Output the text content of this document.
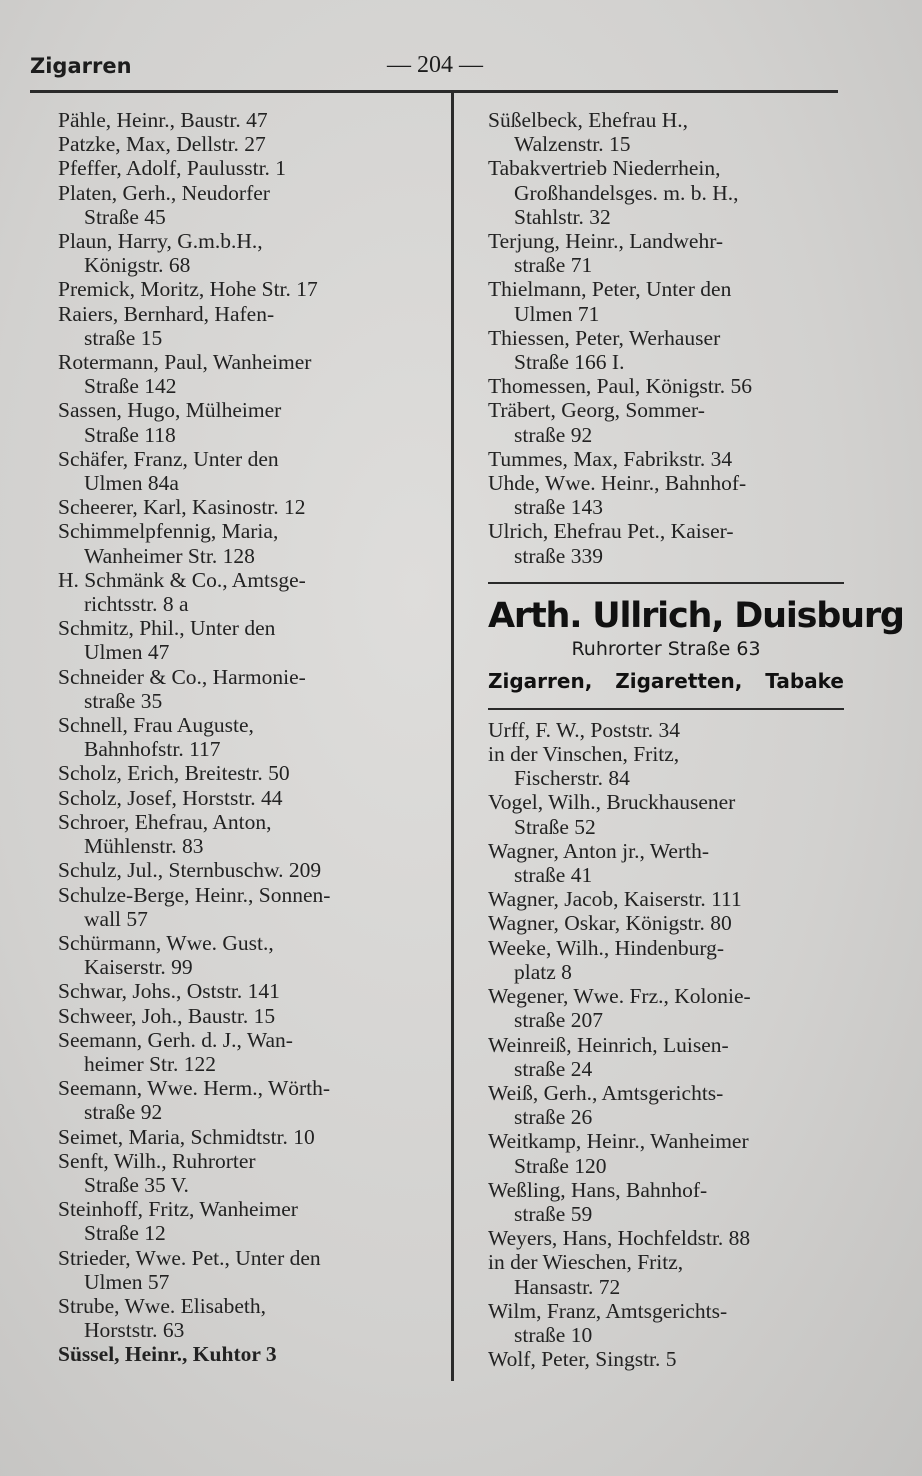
Zigarren	— 204 —
Pähle, Heinr., Baustr. 47
Patzke, Max, Dellstr. 27
Pfeffer, Adolf, Paulusstr. 1
Platen, Gerh., Neudorfer
Straße 45
Plaun, Harry, G.m.b.H.,
Königstr. 68
Premick, Moritz, Hohe Str. 17
Raiers, Bernhard, Hafen-
straße 15
Rotermann, Paul, Wanheimer
Straße 142
Sassen, Hugo, Mülheimer
Straße 118
Schäfer, Franz, Unter den
Ulmen 84a
Scheerer, Karl, Kasinostr. 12
Schimmelpfennig, Maria,
Wanheimer Str. 128
H. Schmänk & Co., Amtsge-
richtsstr. 8 a
Schmitz, Phil., Unter den
Ulmen 47
Schneider & Co., Harmonie-
straße 35
Schnell, Frau Auguste,
Bahnhofstr. 117
Scholz, Erich, Breitestr. 50
Scholz, Josef, Horststr. 44
Schroer, Ehefrau, Anton,
Mühlenstr. 83
Schulz, Jul., Sternbuschw. 209
Schulze-Berge, Heinr., Sonnen-
wall 57
Schürmann, Wwe. Gust.,
Kaiserstr. 99
Schwar, Johs., Oststr. 141
Schweer, Joh., Baustr. 15
Seemann, Gerh. d. J., Wan-
heimer Str. 122
Seemann, Wwe. Herm., Wörth-
straße 92
Seimet, Maria, Schmidtstr. 10
Senft, Wilh., Ruhrorter
Straße 35 V.
Steinhoff, Fritz, Wanheimer
Straße 12
Strieder, Wwe. Pet., Unter den
Ulmen 57
Strube, Wwe. Elisabeth,
Horststr. 63
Süssel, Heinr., Kuhtor 3
Süßelbeck, Ehefrau H.,
Walzenstr. 15
Tabakvertrieb Niederrhein,
Großhandelsges. m. b. H.,
Stahlstr. 32
Terjung, Heinr., Landwehr-
straße 71
Thielmann, Peter, Unter den
Ulmen 71
Thiessen, Peter, Werhauser
Straße 166 I.
Thomessen, Paul, Königstr. 56
Träbert, Georg, Sommer-
straße 92
Tummes, Max, Fabrikstr. 34
Uhde, Wwe. Heinr., Bahnhof-
straße 143
Ulrich, Ehefrau Pet., Kaiser-
straße 339
Arth. Ullrich, Duisburg
Ruhrorter Straße 63
Zigarren, Zigaretten, Tabake
Urff, F. W., Poststr. 34
in der Vinschen, Fritz,
Fischerstr. 84
Vogel, Wilh., Bruckhausener
Straße 52
Wagner, Anton jr., Werth-
straße 41
Wagner, Jacob, Kaiserstr. 111
Wagner, Oskar, Königstr. 80
Weeke, Wilh., Hindenburg-
platz 8
Wegener, Wwe. Frz., Kolonie-
straße 207
Weinreiß, Heinrich, Luisen-
straße 24
Weiß, Gerh., Amtsgerichts-
straße 26
Weitkamp, Heinr., Wanheimer
Straße 120
Weßling, Hans, Bahnhof-
straße 59
Weyers, Hans, Hochfeldstr. 88
in der Wieschen, Fritz,
Hansastr. 72
Wilm, Franz, Amtsgerichts-
straße 10
Wolf, Peter, Singstr. 5
